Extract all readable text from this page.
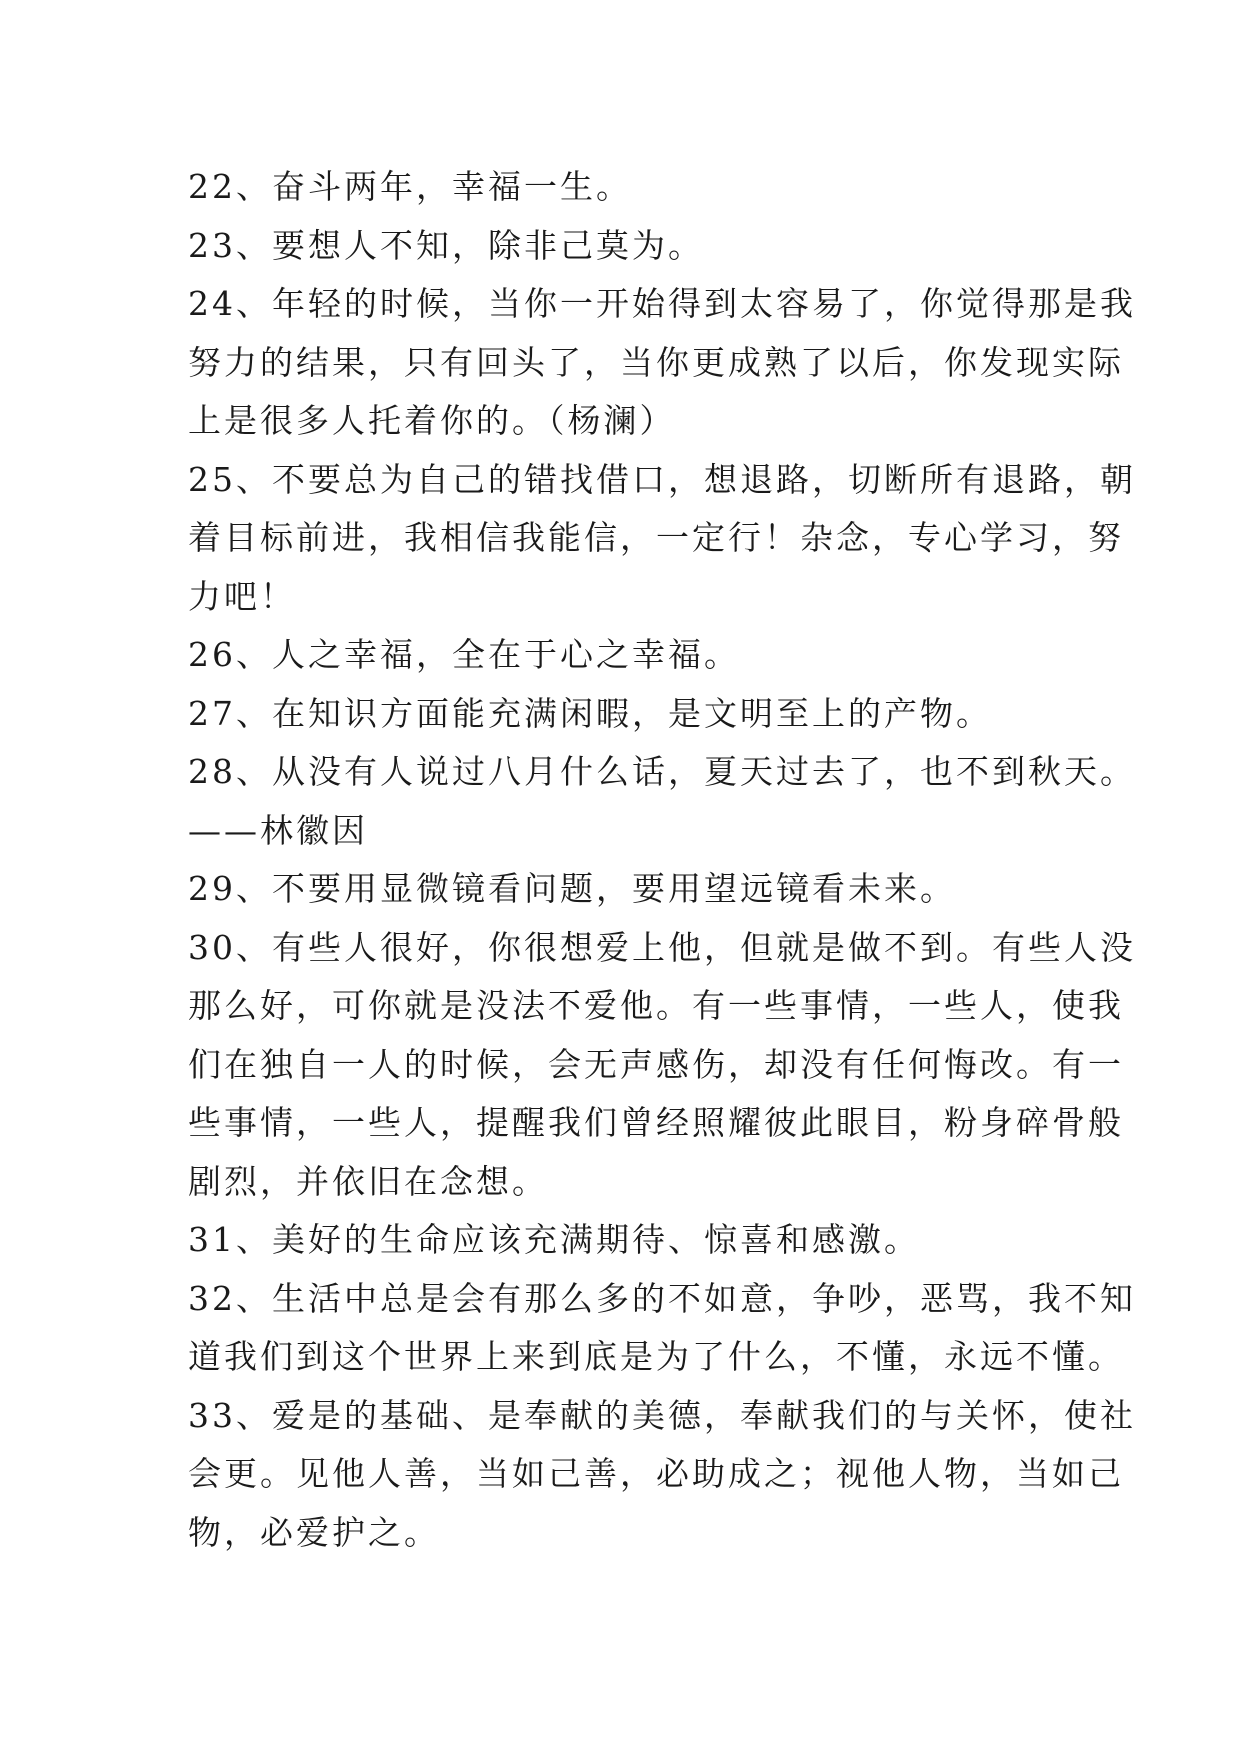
22、奋斗两年，幸福一生。
23、要想人不知，除非己莫为。
24、年轻的时候，当你一开始得到太容易了，你觉得那是我
努力的结果，只有回头了，当你更成熟了以后，你发现实际
上是很多人托着你的。（杨澜）
25、不要总为自己的错找借口，想退路，切断所有退路，朝
着目标前进，我相信我能信，一定行！杂念，专心学习，努
力吧！
26、人之幸福，全在于心之幸福。
27、在知识方面能充满闲暇，是文明至上的产物。
28、从没有人说过八月什么话，夏天过去了，也不到秋天。
——林徽因
29、不要用显微镜看问题，要用望远镜看未来。
30、有些人很好，你很想爱上他，但就是做不到。有些人没
那么好，可你就是没法不爱他。有一些事情，一些人，使我
们在独自一人的时候，会无声感伤，却没有任何悔改。有一
些事情，一些人，提醒我们曾经照耀彼此眼目，粉身碎骨般
剧烈，并依旧在念想。
31、美好的生命应该充满期待、惊喜和感激。
32、生活中总是会有那么多的不如意，争吵，恶骂，我不知
道我们到这个世界上来到底是为了什么，不懂，永远不懂。
33、爱是的基础、是奉献的美德，奉献我们的与关怀，使社
会更。见他人善，当如己善，必助成之；视他人物，当如己
物，必爱护之。
